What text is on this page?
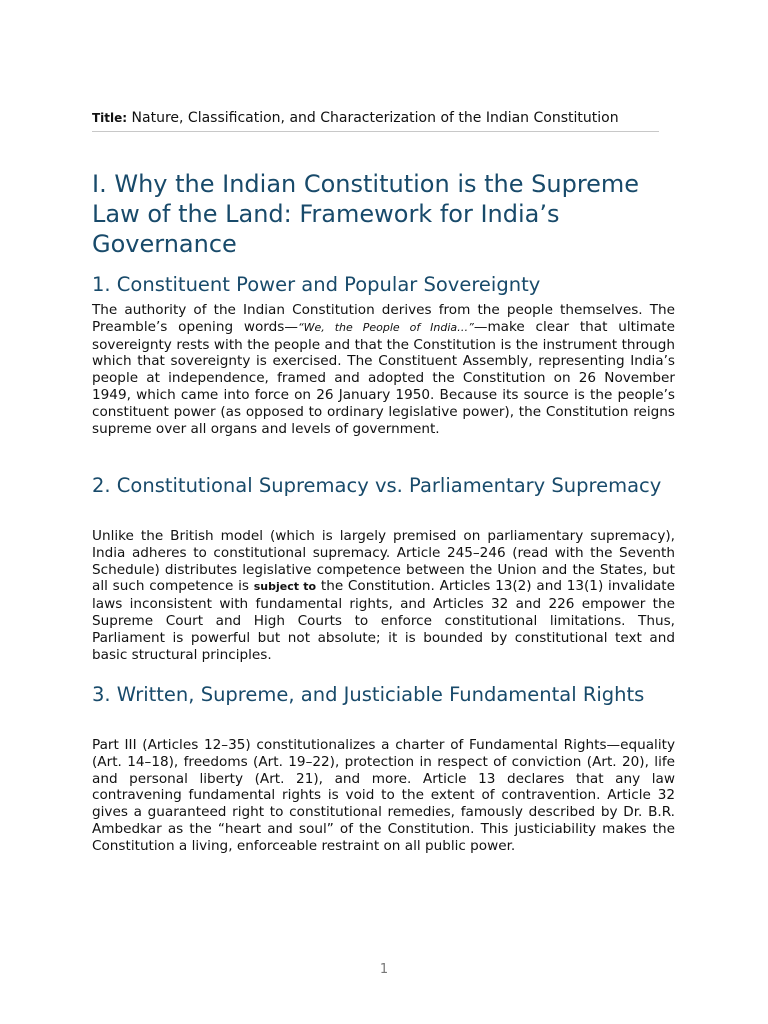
Title: Nature, Classification, and Characterization of the Indian Constitution
I. Why the Indian Constitution is the Supreme Law of the Land: Framework for India’s Governance
1. Constituent Power and Popular Sovereignty

The authority of the Indian Constitution derives from the people themselves. The Preamble’s opening words—“We, the People of India…”—make clear that ultimate sovereignty rests with the people and that the Constitution is the instrument through which that sovereignty is exercised. The Constituent Assembly, representing India’s people at independence, framed and adopted the Constitution on 26 November 1949, which came into force on 26 January 1950. Because its source is the people’s constituent power (as opposed to ordinary legislative power), the Constitution reigns supreme over all organs and levels of government.

2. Constitutional Supremacy vs. Parliamentary Supremacy

Unlike the British model (which is largely premised on parliamentary supremacy), India adheres to constitutional supremacy. Article 245–246 (read with the Seventh Schedule) distributes legislative competence between the Union and the States, but all such competence is subject to the Constitution. Articles 13(2) and 13(1) invalidate laws inconsistent with fundamental rights, and Articles 32 and 226 empower the Supreme Court and High Courts to enforce constitutional limitations. Thus, Parliament is powerful but not absolute; it is bounded by constitutional text and basic structural principles.

3. Written, Supreme, and Justiciable Fundamental Rights

Part III (Articles 12–35) constitutionalizes a charter of Fundamental Rights—equality (Art. 14–18), freedoms (Art. 19–22), protection in respect of conviction (Art. 20), life and personal liberty (Art. 21), and more. Article 13 declares that any law contravening fundamental rights is void to the extent of contravention. Article 32 gives a guaranteed right to constitutional remedies, famously described by Dr. B.R. Ambedkar as the “heart and soul” of the Constitution. This justiciability makes the Constitution a living, enforceable restraint on all public power.

1
